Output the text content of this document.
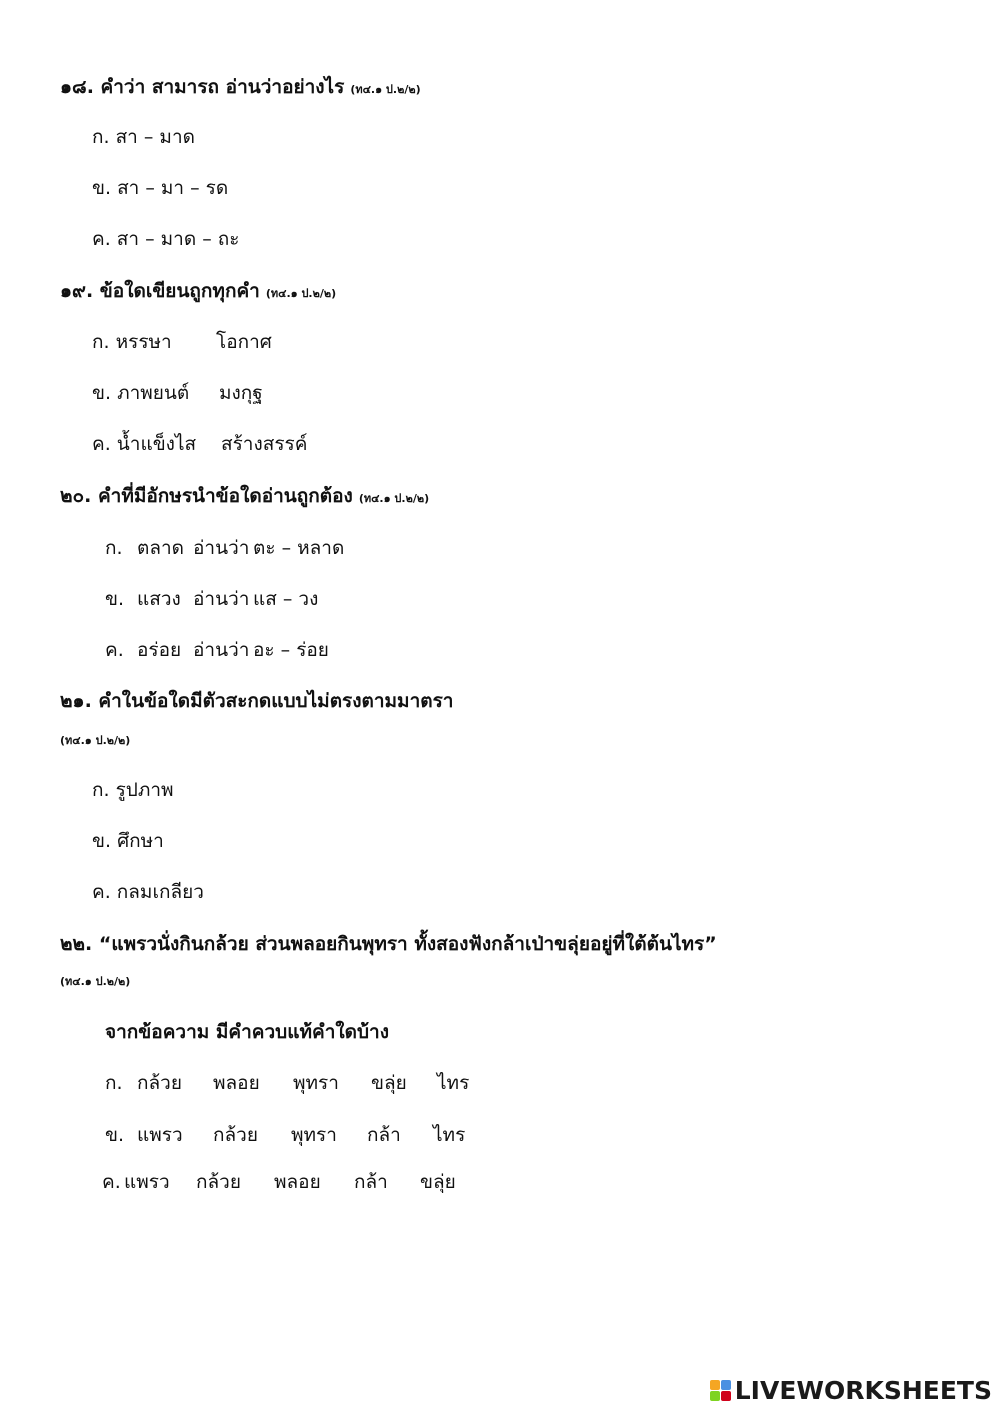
๑๘. คำว่า สามารถ อ่านว่าอย่างไร (ท๔.๑ ป.๒/๒)
ก. สา – มาด
ข. สา – มา – รด
ค. สา – มาด – ถะ
๑๙. ข้อใดเขียนถูกทุกคำ (ท๔.๑ ป.๒/๒)
ก. หรรษา โอกาศ
ข. ภาพยนต์ มงกุฐ
ค. น้ำแข็งไส สร้างสรรค์
๒๐. คำที่มีอักษรนำข้อใดอ่านถูกต้อง (ท๔.๑ ป.๒/๒)
ก. ตลาด อ่านว่า ตะ – หลาด
ข. แสวง อ่านว่า แส – วง
ค. อร่อย อ่านว่า อะ – ร่อย
๒๑. คำในข้อใดมีตัวสะกดแบบไม่ตรงตามมาตรา
(ท๔.๑ ป.๒/๒)
ก. รูปภาพ
ข. ศึกษา
ค. กลมเกลียว
๒๒. “แพรวนั่งกินกล้วย ส่วนพลอยกินพุทรา ทั้งสองฟังกล้าเป่าขลุ่ยอยู่ที่ใต้ต้นไทร”
(ท๔.๑ ป.๒/๒)
จากข้อความ มีคำควบแท้คำใดบ้าง
ก. กล้วย พลอย พุทรา ขลุ่ย ไทร
ข. แพรว กล้วย พุทรา กล้า ไทร
ค. แพรว กล้วย พลอย กล้า ขลุ่ย
LIVEWORKSHEETS
